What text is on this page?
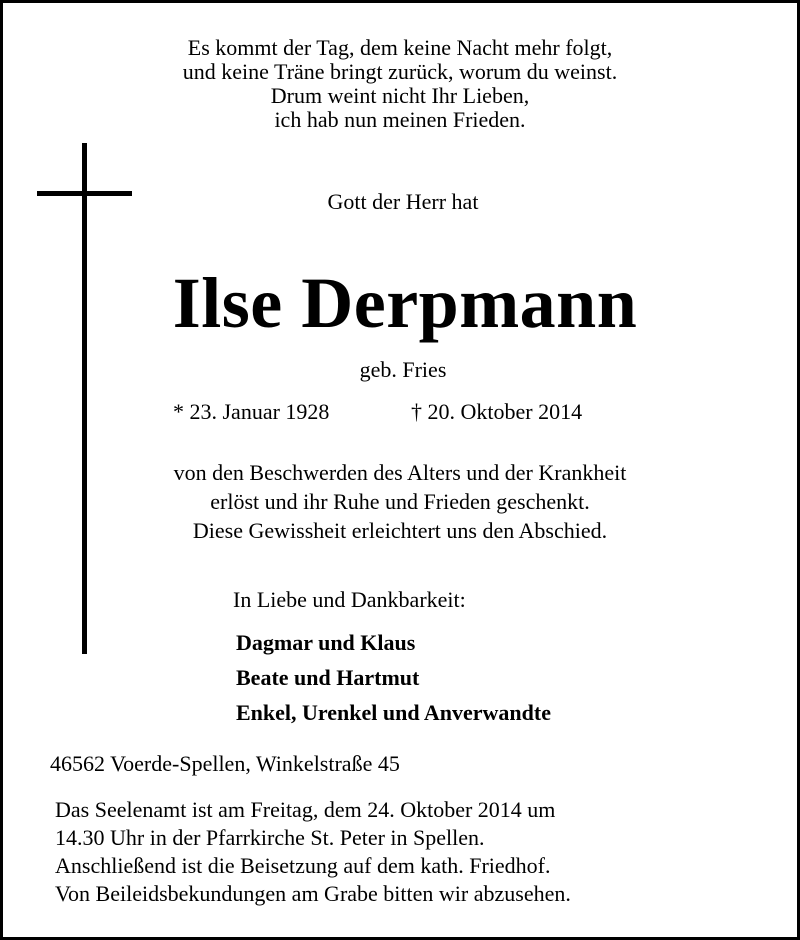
Es kommt der Tag, dem keine Nacht mehr folgt,
und keine Träne bringt zurück, worum du weinst.
Drum weint nicht Ihr Lieben,
ich hab nun meinen Frieden.
Gott der Herr hat
Ilse Derpmann
geb. Fries
* 23. Januar 1928	† 20. Oktober 2014
von den Beschwerden des Alters und der Krankheit
erlöst und ihr Ruhe und Frieden geschenkt.
Diese Gewissheit erleichtert uns den Abschied.
In Liebe und Dankbarkeit:
Dagmar und Klaus
Beate und Hartmut
Enkel, Urenkel und Anverwandte
46562 Voerde-Spellen, Winkelstraße 45
Das Seelenamt ist am Freitag, dem 24. Oktober 2014 um
14.30 Uhr in der Pfarrkirche St. Peter in Spellen.
Anschließend ist die Beisetzung auf dem kath. Friedhof.
Von Beileidsbekundungen am Grabe bitten wir abzusehen.
